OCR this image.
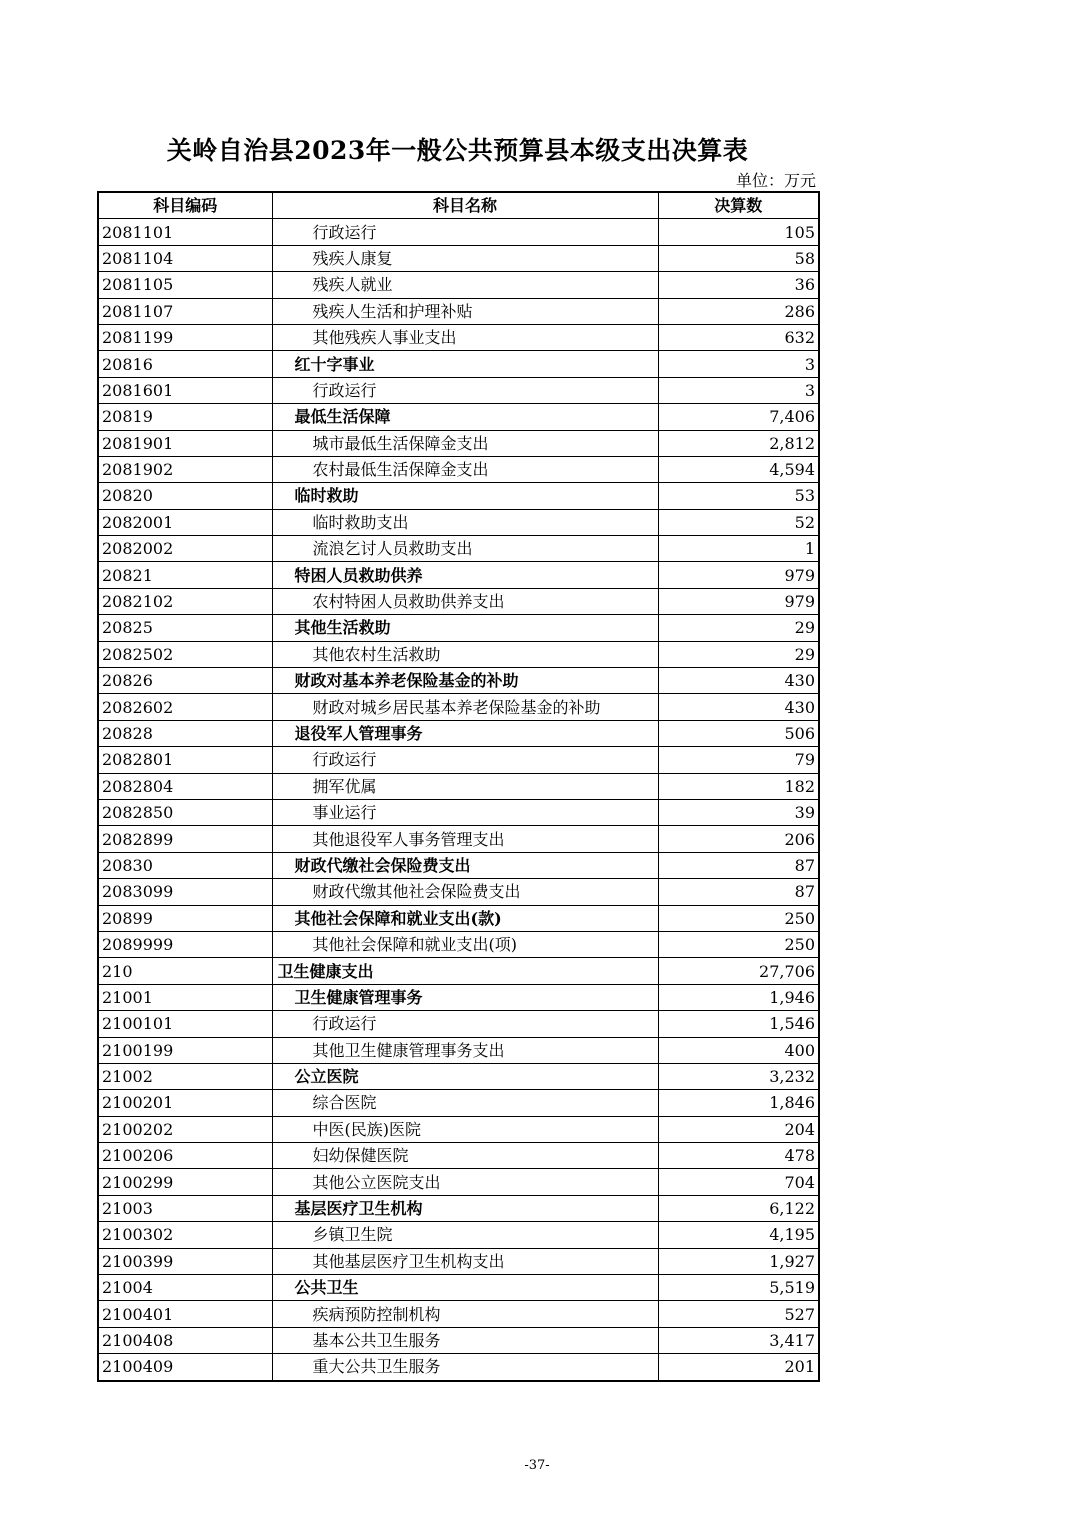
关岭自治县2023年一般公共预算县本级支出决算表
单位：万元
科目编码	科目名称	决算数
2081101	行政运行	105
2081104	残疾人康复	58
2081105	残疾人就业	36
2081107	残疾人生活和护理补贴	286
2081199	其他残疾人事业支出	632
20816	红十字事业	3
2081601	行政运行	3
20819	最低生活保障	7,406
2081901	城市最低生活保障金支出	2,812
2081902	农村最低生活保障金支出	4,594
20820	临时救助	53
2082001	临时救助支出	52
2082002	流浪乞讨人员救助支出	1
20821	特困人员救助供养	979
2082102	农村特困人员救助供养支出	979
20825	其他生活救助	29
2082502	其他农村生活救助	29
20826	财政对基本养老保险基金的补助	430
2082602	财政对城乡居民基本养老保险基金的补助	430
20828	退役军人管理事务	506
2082801	行政运行	79
2082804	拥军优属	182
2082850	事业运行	39
2082899	其他退役军人事务管理支出	206
20830	财政代缴社会保险费支出	87
2083099	财政代缴其他社会保险费支出	87
20899	其他社会保障和就业支出(款)	250
2089999	其他社会保障和就业支出(项)	250
210	卫生健康支出	27,706
21001	卫生健康管理事务	1,946
2100101	行政运行	1,546
2100199	其他卫生健康管理事务支出	400
21002	公立医院	3,232
2100201	综合医院	1,846
2100202	中医(民族)医院	204
2100206	妇幼保健医院	478
2100299	其他公立医院支出	704
21003	基层医疗卫生机构	6,122
2100302	乡镇卫生院	4,195
2100399	其他基层医疗卫生机构支出	1,927
21004	公共卫生	5,519
2100401	疾病预防控制机构	527
2100408	基本公共卫生服务	3,417
2100409	重大公共卫生服务	201
-37-
